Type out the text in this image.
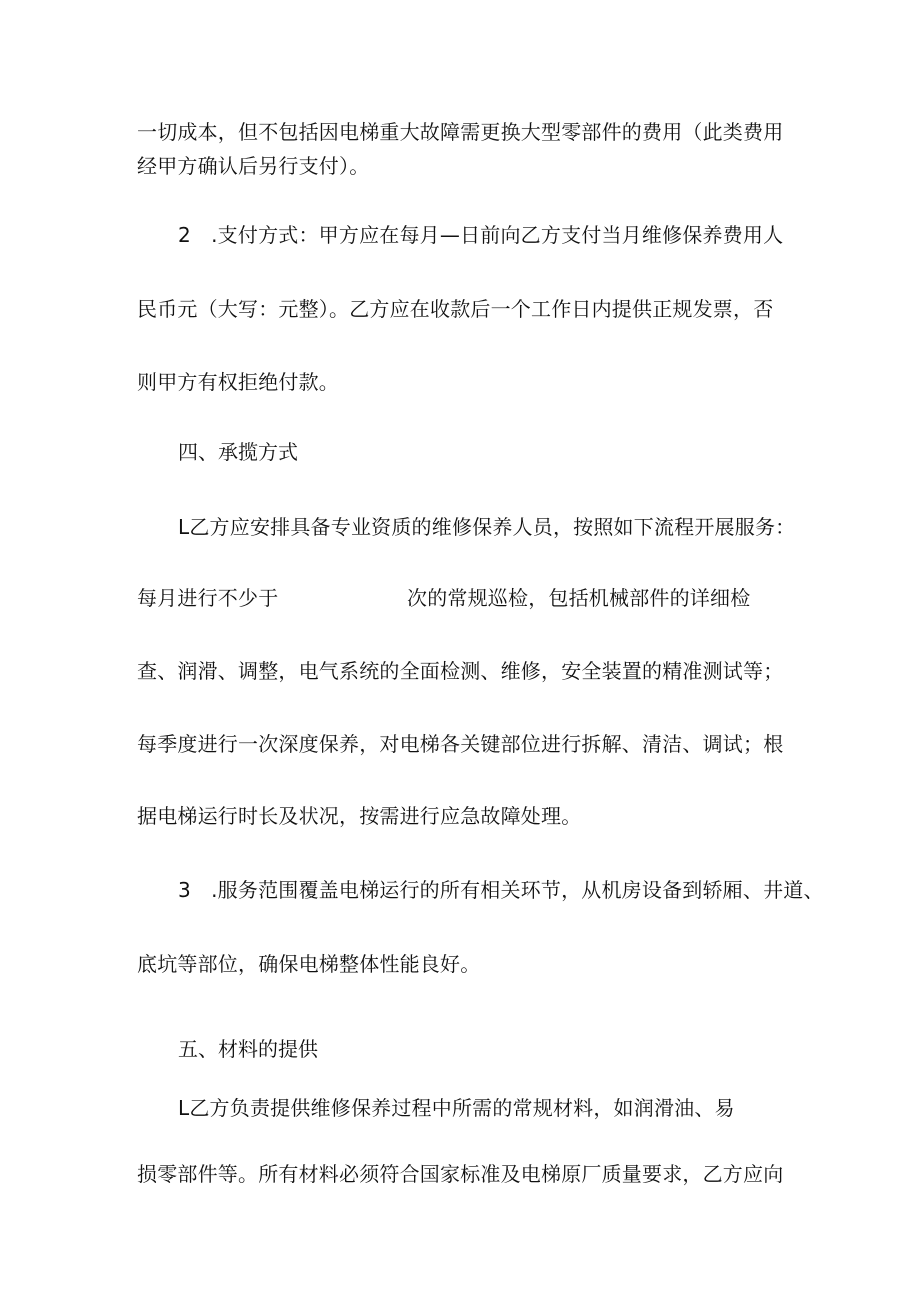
一切成本，但不包括因电梯重大故障需更换大型零部件的费用（此类费用
经甲方确认后另行支付）。
2　.支付方式：甲方应在每月—日前向乙方支付当月维修保养费用人
民币元（大写：元整）。乙方应在收款后一个工作日内提供正规发票，否
则甲方有权拒绝付款。
四、承揽方式
L乙方应安排具备专业资质的维修保养人员，按照如下流程开展服务：
每月进行不少于	次的常规巡检，包括机械部件的详细检
查、润滑、调整，电气系统的全面检测、维修，安全装置的精准测试等；
每季度进行一次深度保养，对电梯各关键部位进行拆解、清洁、调试；根
据电梯运行时长及状况，按需进行应急故障处理。
3　.服务范围覆盖电梯运行的所有相关环节，从机房设备到轿厢、井道、
底坑等部位，确保电梯整体性能良好。
五、材料的提供
L乙方负责提供维修保养过程中所需的常规材料，如润滑油、易
损零部件等。所有材料必须符合国家标准及电梯原厂质量要求，乙方应向
